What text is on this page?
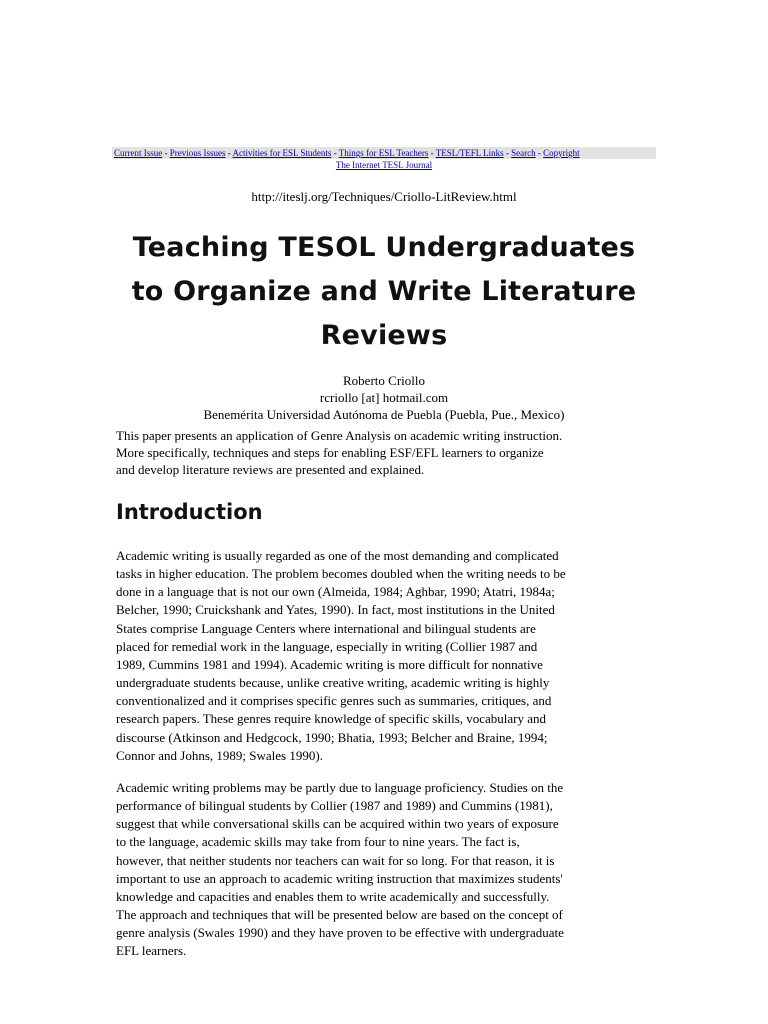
Current Issue - Previous Issues - Activities for ESL Students - Things for ESL Teachers - TESL/TEFL Links - Search - Copyright
The Internet TESL Journal
http://iteslj.org/Techniques/Criollo-LitReview.html
Teaching TESOL Undergraduates
to Organize and Write Literature
Reviews
Roberto Criollo
rcriollo [at] hotmail.com
Benemérita Universidad Autónoma de Puebla (Puebla, Pue., Mexico)
This paper presents an application of Genre Analysis on academic writing instruction.
More specifically, techniques and steps for enabling ESF/EFL learners to organize
and develop literature reviews are presented and explained.
Introduction
Academic writing is usually regarded as one of the most demanding and complicated
tasks in higher education. The problem becomes doubled when the writing needs to be
done in a language that is not our own (Almeida, 1984; Aghbar, 1990; Atatri, 1984a;
Belcher, 1990; Cruickshank and Yates, 1990). In fact, most institutions in the United
States comprise Language Centers where international and bilingual students are
placed for remedial work in the language, especially in writing (Collier 1987 and
1989, Cummins 1981 and 1994). Academic writing is more difficult for nonnative
undergraduate students because, unlike creative writing, academic writing is highly
conventionalized and it comprises specific genres such as summaries, critiques, and
research papers. These genres require knowledge of specific skills, vocabulary and
discourse (Atkinson and Hedgcock, 1990; Bhatia, 1993; Belcher and Braine, 1994;
Connor and Johns, 1989; Swales 1990).
Academic writing problems may be partly due to language proficiency. Studies on the
performance of bilingual students by Collier (1987 and 1989) and Cummins (1981),
suggest that while conversational skills can be acquired within two years of exposure
to the language, academic skills may take from four to nine years. The fact is,
however, that neither students nor teachers can wait for so long. For that reason, it is
important to use an approach to academic writing instruction that maximizes students'
knowledge and capacities and enables them to write academically and successfully.
The approach and techniques that will be presented below are based on the concept of
genre analysis (Swales 1990) and they have proven to be effective with undergraduate
EFL learners.
